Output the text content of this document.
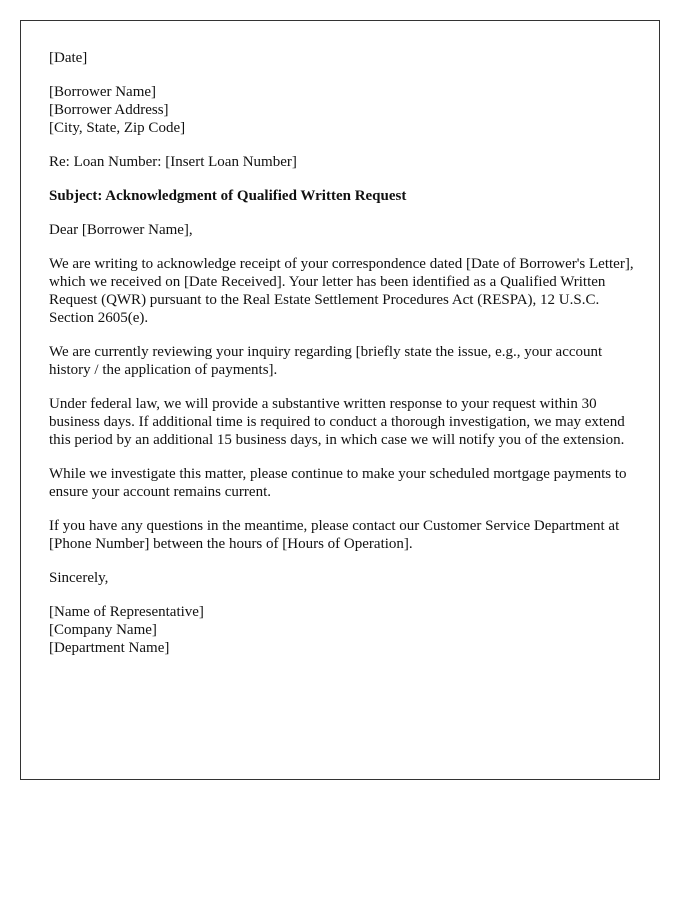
[Date]

[Borrower Name]
[Borrower Address]
[City, State, Zip Code]

Re: Loan Number: [Insert Loan Number]

Subject: Acknowledgment of Qualified Written Request

Dear [Borrower Name],

We are writing to acknowledge receipt of your correspondence dated [Date of Borrower's Letter], which we received on [Date Received]. Your letter has been identified as a Qualified Written Request (QWR) pursuant to the Real Estate Settlement Procedures Act (RESPA), 12 U.S.C. Section 2605(e).

We are currently reviewing your inquiry regarding [briefly state the issue, e.g., your account history / the application of payments].

Under federal law, we will provide a substantive written response to your request within 30 business days. If additional time is required to conduct a thorough investigation, we may extend this period by an additional 15 business days, in which case we will notify you of the extension.

While we investigate this matter, please continue to make your scheduled mortgage payments to ensure your account remains current.

If you have any questions in the meantime, please contact our Customer Service Department at [Phone Number] between the hours of [Hours of Operation].

Sincerely,

[Name of Representative]
[Company Name]
[Department Name]
